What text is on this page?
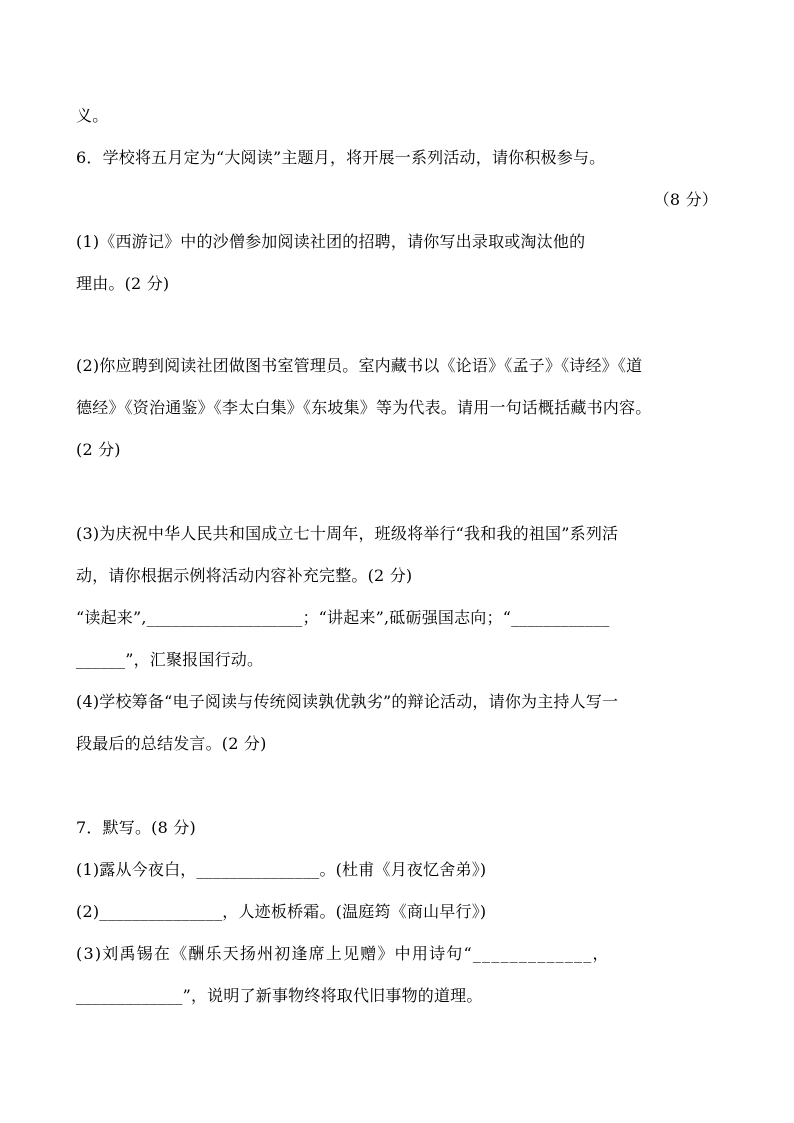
义。
6．学校将五月定为“大阅读”主题月，将开展一系列活动，请你积极参与。
（8 分）
(1)《西游记》中的沙僧参加阅读社团的招聘，请你写出录取或淘汰他的
理由。(2 分)
(2)你应聘到阅读社团做图书室管理员。室内藏书以《论语》《孟子》《诗经》《道
德经》《资治通鉴》《李太白集》《东坡集》等为代表。请用一句话概括藏书内容。
(2 分)
(3)为庆祝中华人民共和国成立七十周年，班级将举行“我和我的祖国”系列活
动，请你根据示例将活动内容补充完整。(2 分)
“读起来”,___________________；“讲起来”,砥砺强国志向；“____________
______”，汇聚报国行动。
(4)学校筹备“电子阅读与传统阅读孰优孰劣”的辩论活动，请你为主持人写一
段最后的总结发言。(2 分)
7．默写。(8 分)
(1)露从今夜白，_______________。(杜甫《月夜忆舍弟》)
(2)_______________，人迹板桥霜。(温庭筠《商山早行》)
(3)刘禹锡在《酬乐天扬州初逢席上见赠》中用诗句“_____________，
_____________”，说明了新事物终将取代旧事物的道理。
